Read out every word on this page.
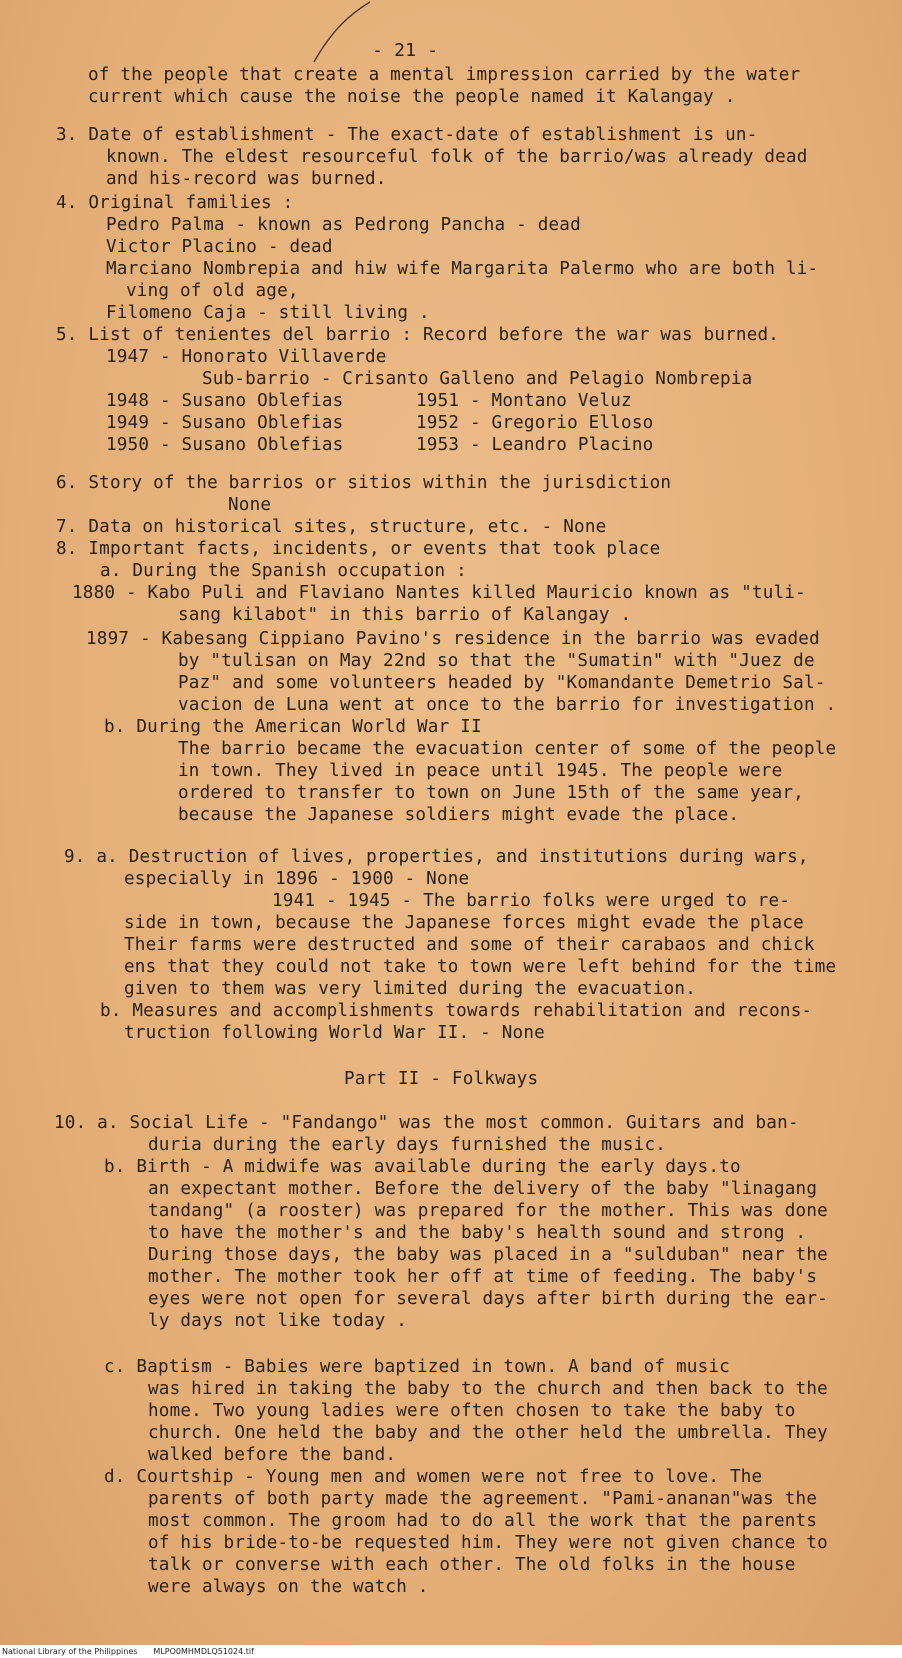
- 21 -
of the people that create a mental impression carried by the water
current which cause the noise the people named it Kalangay .
3. Date of establishment - The exact-date of establishment is un-
known. The eldest resourceful folk of the barrio/was already dead
and his-record was burned.
4. Original families :
Pedro Palma - known as Pedrong Pancha - dead
Victor Placino - dead
Marciano Nombrepia and hiw wife Margarita Palermo who are both li-
ving of old age,
Filomeno Caja - still living .
5. List of tenientes del barrio : Record before the war was burned.
1947 - Honorato Villaverde
Sub-barrio - Crisanto Galleno and Pelagio Nombrepia
1948 - Susano Oblefias	1951 - Montano Veluz
1949 - Susano Oblefias	1952 - Gregorio Elloso
1950 - Susano Oblefias	1953 - Leandro Placino
6. Story of the barrios or sitios within the jurisdiction
None
7. Data on historical sites, structure, etc. - None
8. Important facts, incidents, or events that took place
a. During the Spanish occupation :
1880 - Kabo Puli and Flaviano Nantes killed Mauricio known as "tuli-
sang kilabot" in this barrio of Kalangay .
1897 - Kabesang Cippiano Pavino's residence in the barrio was evaded
by "tulisan on May 22nd so that the "Sumatin" with "Juez de
Paz" and some volunteers headed by "Komandante Demetrio Sal-
vacion de Luna went at once to the barrio for investigation .
b. During the American World War II
The barrio became the evacuation center of some of the people
in town. They lived in peace until 1945. The people were
ordered to transfer to town on June 15th of the same year,
because the Japanese soldiers might evade the place.
9. a. Destruction of lives, properties, and institutions during wars,
especially in 1896 - 1900 - None
1941 - 1945 - The barrio folks were urged to re-
side in town, because the Japanese forces might evade the place
Their farms were destructed and some of their carabaos and chick
ens that they could not take to town were left behind for the time
given to them was very limited during the evacuation.
b. Measures and accomplishments towards rehabilitation and recons-
truction following World War II. - None
Part II - Folkways
10. a. Social Life - "Fandango" was the most common. Guitars and ban-
duria during the early days furnished the music.
b. Birth - A midwife was available during the early days.to
an expectant mother. Before the delivery of the baby "linagang
tandang" (a rooster) was prepared for the mother. This was done
to have the mother's and the baby's health sound and strong .
During those days, the baby was placed in a "sulduban" near the
mother. The mother took her off at time of feeding. The baby's
eyes were not open for several days after birth during the ear-
ly days not like today .
c. Baptism - Babies were baptized in town. A band of music
was hired in taking the baby to the church and then back to the
home. Two young ladies were often chosen to take the baby to
church. One held the baby and the other held the umbrella. They
walked before the band.
d. Courtship - Young men and women were not free to love. The
parents of both party made the agreement. "Pami-ananan"was the
most common. The groom had to do all the work that the parents
of his bride-to-be requested him. They were not given chance to
talk or converse with each other. The old folks in the house
were always on the watch .
National Library of the Philippines MLPO0MHMDLQ51024.tif
